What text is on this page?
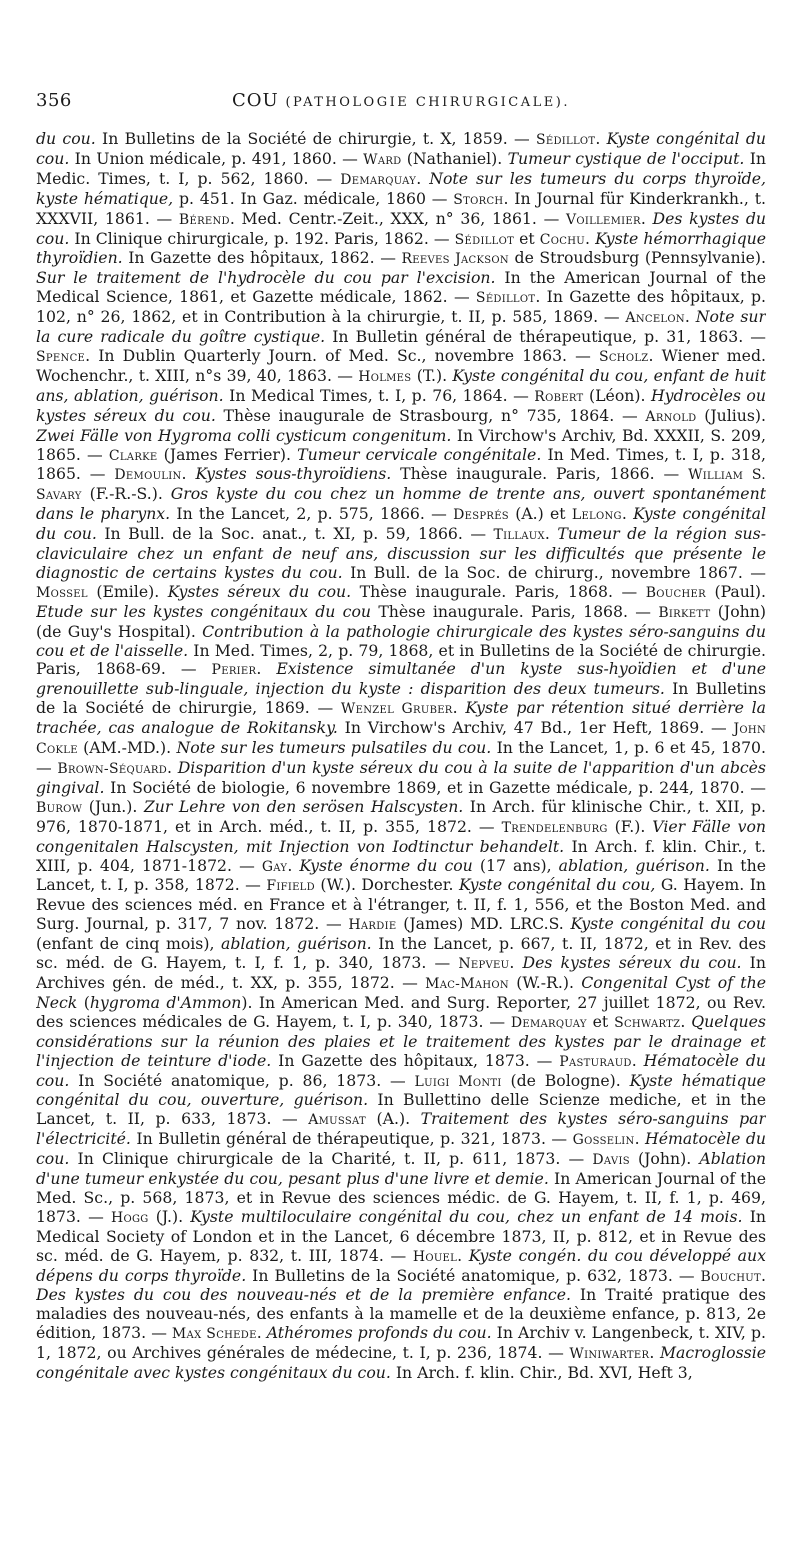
356	COU (PATHOLOGIE CHIRURGICALE).
du cou. In Bulletins de la Société de chirurgie, t. X, 1859. — Sédillot. Kyste congénital du cou. In Union médicale, p. 491, 1860. — Ward (Nathaniel). Tumeur cystique de l'occiput. In Medic. Times, t. I, p. 562, 1860. — Demarquay. Note sur les tumeurs du corps thyroïde, kyste hématique, p. 451. In Gaz. médicale, 1860 — Storch. In Journal für Kinderkrankh., t. XXXVII, 1861. — Bérend. Med. Centr.-Zeit., XXX, n° 36, 1861. — Voillemier. Des kystes du cou. In Clinique chirurgicale, p. 192. Paris, 1862. — Sédillot et Cochu. Kyste hémorrhagique thyroïdien. In Gazette des hôpitaux, 1862. — Reeves Jackson de Stroudsburg (Pennsylvanie). Sur le traitement de l'hydrocèle du cou par l'excision. In the American Journal of the Medical Science, 1861, et Gazette médicale, 1862. — Sédillot. In Gazette des hôpitaux, p. 102, n° 26, 1862, et in Contribution à la chirurgie, t. II, p. 585, 1869. — Ancelon. Note sur la cure radicale du goître cystique. In Bulletin général de thérapeutique, p. 31, 1863. — Spence. In Dublin Quarterly Journ. of Med. Sc., novembre 1863. — Scholz. Wiener med. Wochenchr., t. XIII, n°s 39, 40, 1863. — Holmes (T.). Kyste congénital du cou, enfant de huit ans, ablation, guérison. In Medical Times, t. I, p. 76, 1864. — Robert (Léon). Hydrocèles ou kystes séreux du cou. Thèse inaugurale de Strasbourg, n° 735, 1864. — Arnold (Julius). Zwei Fälle von Hygroma colli cysticum congenitum. In Virchow's Archiv, Bd. XXXII, S. 209, 1865. — Clarke (James Ferrier). Tumeur cervicale congénitale. In Med. Times, t. I, p. 318, 1865. — Demoulin. Kystes sous-thyroïdiens. Thèse inaugurale. Paris, 1866. — William S. Savary (F.-R.-S.). Gros kyste du cou chez un homme de trente ans, ouvert spontanément dans le pharynx. In the Lancet, 2, p. 575, 1866. — Després (A.) et Lelong. Kyste congénital du cou. In Bull. de la Soc. anat., t. XI, p. 59, 1866. — Tillaux. Tumeur de la région sus-claviculaire chez un enfant de neuf ans, discussion sur les difficultés que présente le diagnostic de certains kystes du cou. In Bull. de la Soc. de chirurg., novembre 1867. — Mossel (Emile). Kystes séreux du cou. Thèse inaugurale. Paris, 1868. — Boucher (Paul). Etude sur les kystes congénitaux du cou Thèse inaugurale. Paris, 1868. — Birkett (John) (de Guy's Hospital). Contribution à la pathologie chirurgicale des kystes séro-sanguins du cou et de l'aisselle. In Med. Times, 2, p. 79, 1868, et in Bulletins de la Société de chirurgie. Paris, 1868-69. — Perier. Existence simultanée d'un kyste sus-hyoïdien et d'une grenouillette sub-linguale, injection du kyste : disparition des deux tumeurs. In Bulletins de la Société de chirurgie, 1869. — Wenzel Gruber. Kyste par rétention situé derrière la trachée, cas analogue de Rokitansky. In Virchow's Archiv, 47 Bd., 1er Heft, 1869. — John Cokle (AM.-MD.). Note sur les tumeurs pulsatiles du cou. In the Lancet, 1, p. 6 et 45, 1870. — Brown-Séquard. Disparition d'un kyste séreux du cou à la suite de l'apparition d'un abcès gingival. In Société de biologie, 6 novembre 1869, et in Gazette médicale, p. 244, 1870. — Burow (Jun.). Zur Lehre von den serösen Halscysten. In Arch. für klinische Chir., t. XII, p. 976, 1870-1871, et in Arch. méd., t. II, p. 355, 1872. — Trendelenburg (F.). Vier Fälle von congenitalen Halscysten, mit Injection von Iodtinctur behandelt. In Arch. f. klin. Chir., t. XIII, p. 404, 1871-1872. — Gay. Kyste énorme du cou (17 ans), ablation, guérison. In the Lancet, t. I, p. 358, 1872. — Fifield (W.). Dorchester. Kyste congénital du cou, G. Hayem. In Revue des sciences méd. en France et à l'étranger, t. II, f. 1, 556, et the Boston Med. and Surg. Journal, p. 317, 7 nov. 1872. — Hardie (James) MD. LRC.S. Kyste congénital du cou (enfant de cinq mois), ablation, guérison. In the Lancet, p. 667, t. II, 1872, et in Rev. des sc. méd. de G. Hayem, t. I, f. 1, p. 340, 1873. — Nepveu. Des kystes séreux du cou. In Archives gén. de méd., t. XX, p. 355, 1872. — Mac-Mahon (W.-R.). Congenital Cyst of the Neck (hygroma d'Ammon). In American Med. and Surg. Reporter, 27 juillet 1872, ou Rev. des sciences médicales de G. Hayem, t. I, p. 340, 1873. — Demarquay et Schwartz. Quelques considérations sur la réunion des plaies et le traitement des kystes par le drainage et l'injection de teinture d'iode. In Gazette des hôpitaux, 1873. — Pasturaud. Hématocèle du cou. In Société anatomique, p. 86, 1873. — Luigi Monti (de Bologne). Kyste hématique congénital du cou, ouverture, guérison. In Bullettino delle Scienze mediche, et in the Lancet, t. II, p. 633, 1873. — Amussat (A.). Traitement des kystes séro-sanguins par l'électricité. In Bulletin général de thérapeutique, p. 321, 1873. — Gosselin. Hématocèle du cou. In Clinique chirurgicale de la Charité, t. II, p. 611, 1873. — Davis (John). Ablation d'une tumeur enkystée du cou, pesant plus d'une livre et demie. In American Journal of the Med. Sc., p. 568, 1873, et in Revue des sciences médic. de G. Hayem, t. II, f. 1, p. 469, 1873. — Hogg (J.). Kyste multiloculaire congénital du cou, chez un enfant de 14 mois. In Medical Society of London et in the Lancet, 6 décembre 1873, II, p. 812, et in Revue des sc. méd. de G. Hayem, p. 832, t. III, 1874. — Houel. Kyste congén. du cou développé aux dépens du corps thyroïde. In Bulletins de la Société anatomique, p. 632, 1873. — Bouchut. Des kystes du cou des nouveau-nés et de la première enfance. In Traité pratique des maladies des nouveau-nés, des enfants à la mamelle et de la deuxième enfance, p. 813, 2e édition, 1873. — Max Schede. Athéromes profonds du cou. In Archiv v. Langenbeck, t. XIV, p. 1, 1872, ou Archives générales de médecine, t. I, p. 236, 1874. — Winiwarter. Macroglossie congénitale avec kystes congénitaux du cou. In Arch. f. klin. Chir., Bd. XVI, Heft 3,
